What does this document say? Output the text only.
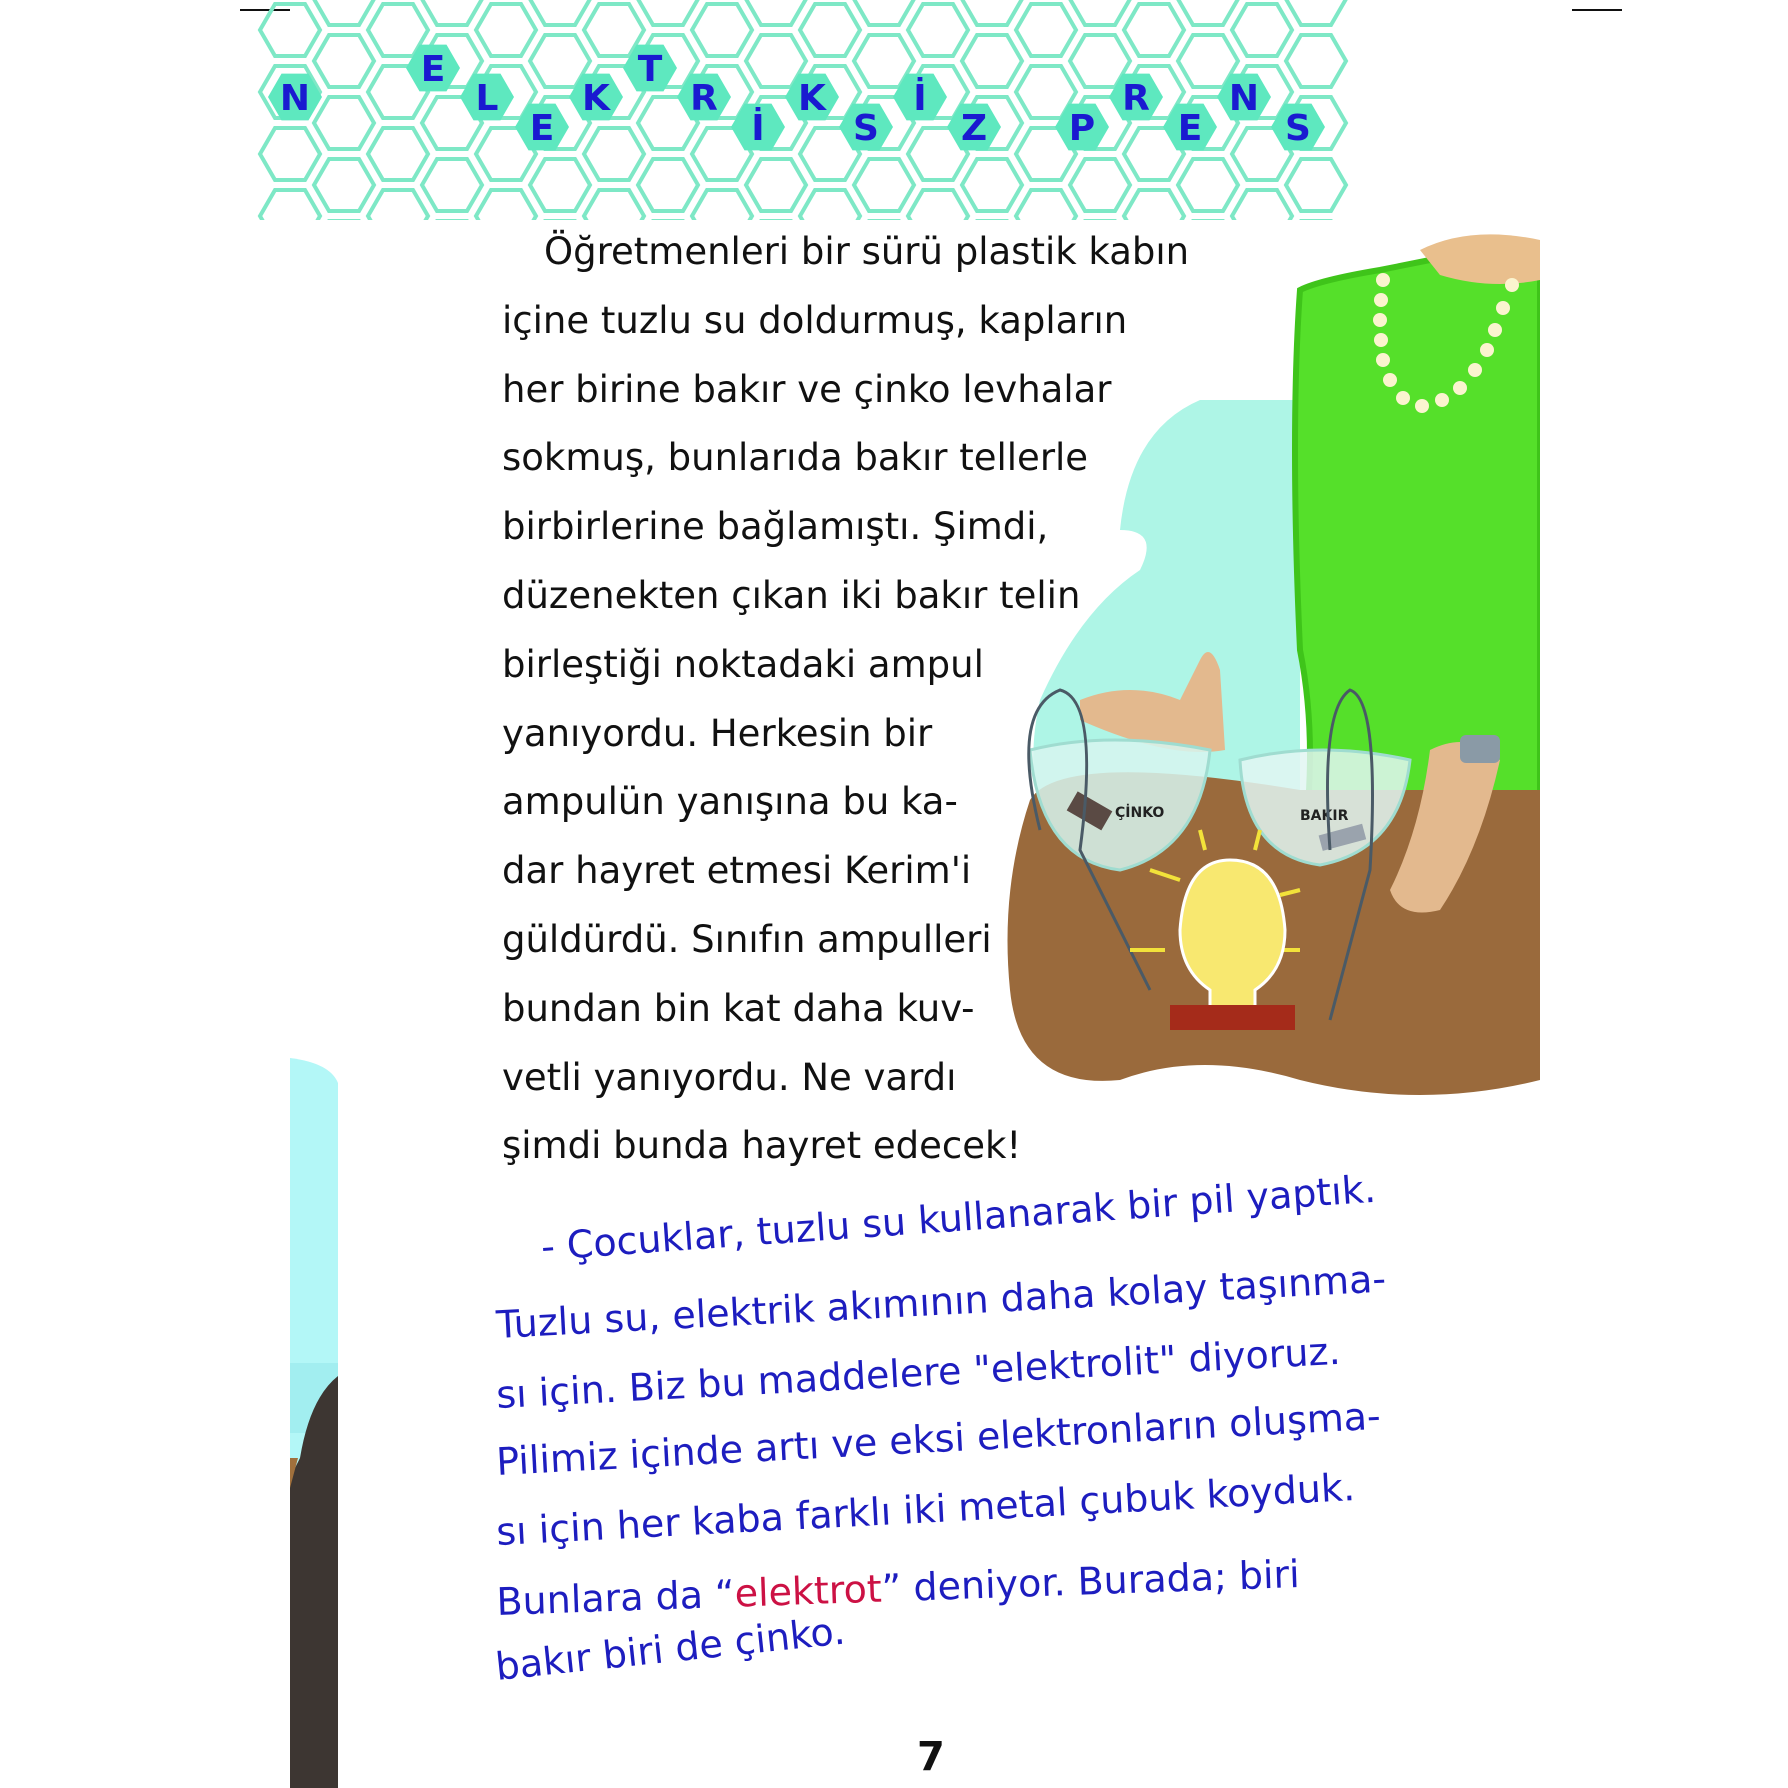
N
E
L
E
K
T
R
İ
K
S
İ
Z P
R
E
N
S
Öğretmenleri bir sürü plastik kabın
içine tuzlu su doldurmuş, kapların
her birine bakır ve çinko levhalar
sokmuş, bunlarıda bakır tellerle
birbirlerine bağlamıştı. Şimdi,
düzenekten çıkan iki bakır telin
birleştiği noktadaki ampul
yanıyordu. Herkesin bir
ampulün yanışına bu ka-
dar hayret etmesi Kerim'i
güldürdü. Sınıfın ampulleri
bundan bin kat daha kuv-
vetli yanıyordu. Ne vardı
şimdi bunda hayret edecek!
ÇİNKO	BAKIR
- Çocuklar, tuzlu su kullanarak bir pil yaptık.
Tuzlu su, elektrik akımının daha kolay taşınma-
sı için. Biz bu maddelere "elektrolit" diyoruz.
Pilimiz içinde artı ve eksi elektronların oluşma-
sı için her kaba farklı iki metal çubuk koyduk.
Bunlara da “elektrot” deniyor. Burada; biri
bakır biri de çinko.
7
